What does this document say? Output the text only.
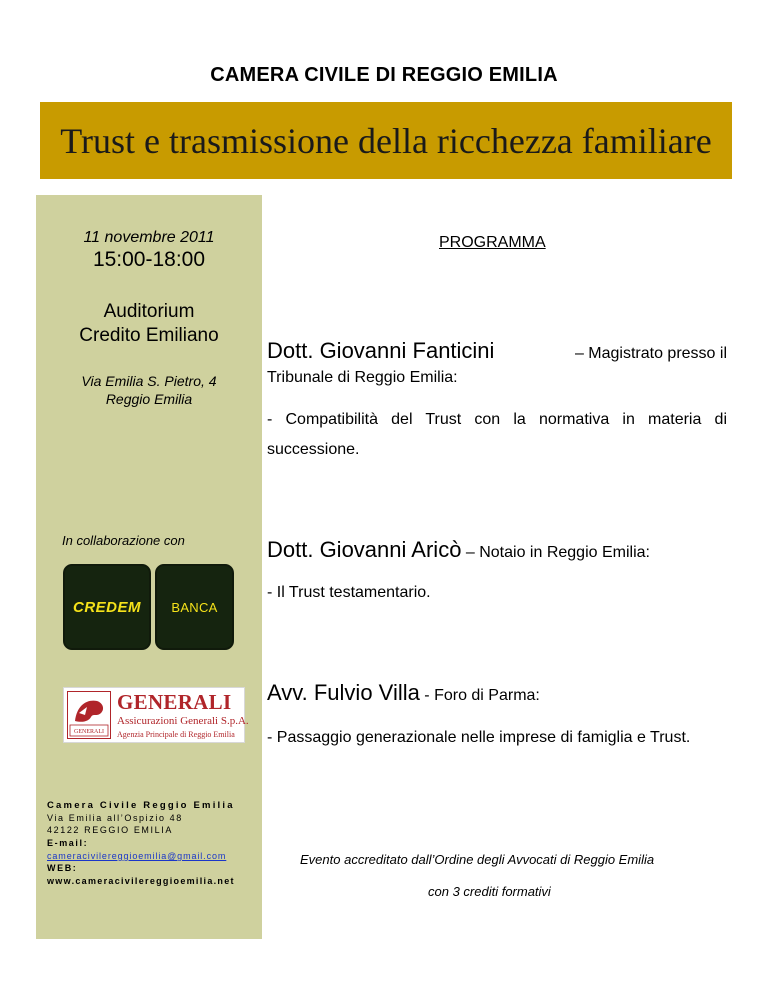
CAMERA CIVILE DI REGGIO EMILIA
Trust e trasmissione della ricchezza familiare
11 novembre 2011
15:00-18:00
Auditorium
Credito Emiliano
Via Emilia S. Pietro, 4
Reggio Emilia
In collaborazione con
CREDEM BANCA
GENERALI
GENERALI
Assicurazioni Generali S.p.A.
Agenzia Principale di Reggio Emilia
Camera Civile Reggio Emilia
Via Emilia all’Ospizio 48
42122 REGGIO EMILIA
E-mail:
cameracivilereggioemilia@gmail.com
WEB:
www.cameracivilereggioemilia.net
PROGRAMMA
Dott. Giovanni Fanticini	– Magistrato presso il
Tribunale di Reggio Emilia:
- Compatibilità del Trust con la normativa in materia di successione.
Dott. Giovanni Aricò – Notaio in Reggio Emilia:
- Il Trust testamentario.
Avv. Fulvio Villa - Foro di Parma:
- Passaggio generazionale nelle imprese di famiglia e Trust.
Evento accreditato dall’Ordine degli Avvocati di Reggio Emilia
con 3 crediti formativi
